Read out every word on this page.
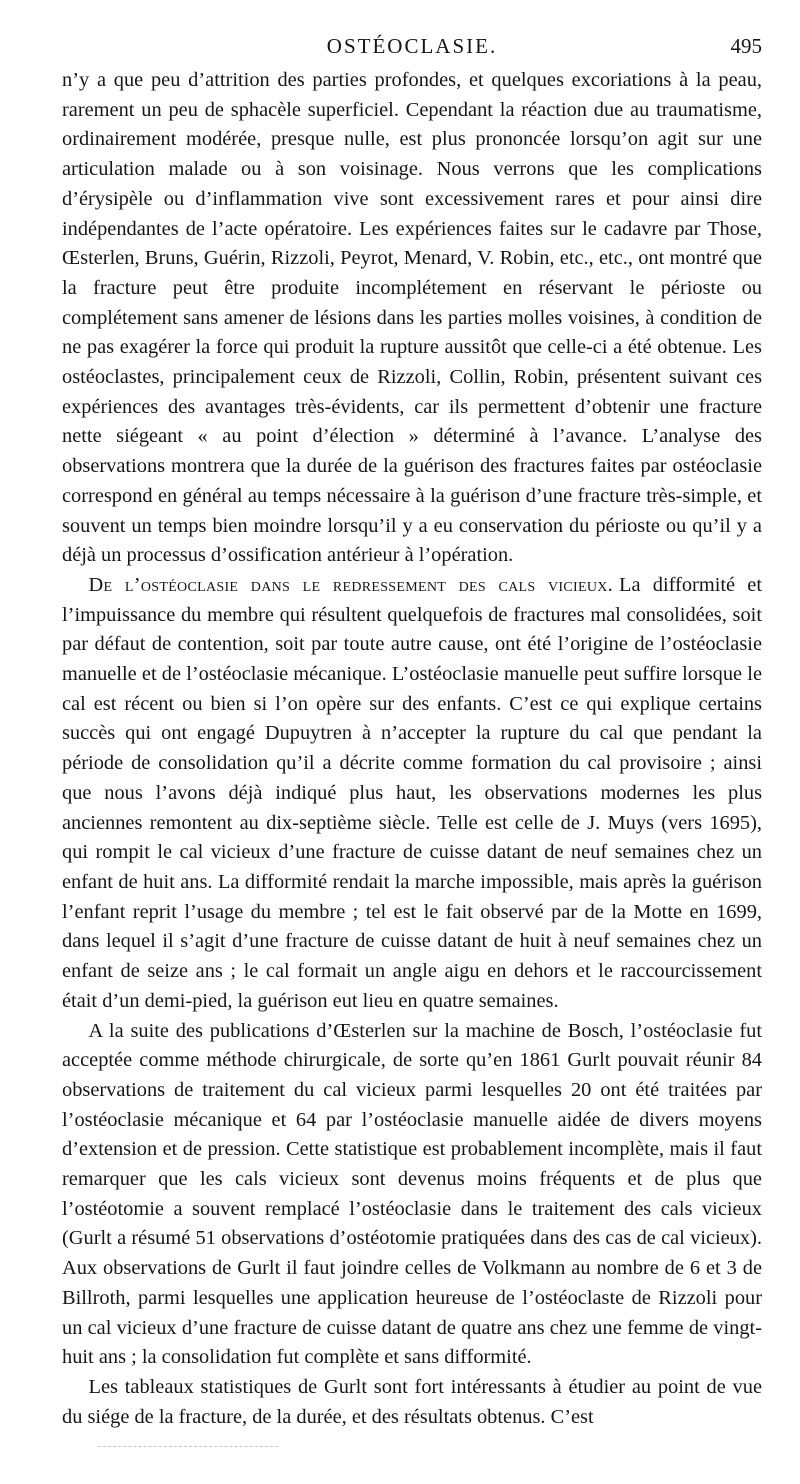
OSTÉOCLASIE.	495

n’y a que peu d’attrition des parties profondes, et quelques excoriations à la peau, rarement un peu de sphacèle superficiel. Cependant la réaction due au traumatisme, ordinairement modérée, presque nulle, est plus prononcée lorsqu’on agit sur une articulation malade ou à son voisinage. Nous verrons que les complications d’érysipèle ou d’inflammation vive sont excessivement rares et pour ainsi dire indépendantes de l’acte opératoire. Les expériences faites sur le cadavre par Those, Œsterlen, Bruns, Guérin, Rizzoli, Peyrot, Menard, V. Robin, etc., etc., ont montré que la fracture peut être produite incomplétement en réservant le périoste ou complétement sans amener de lésions dans les parties molles voisines, à condition de ne pas exagérer la force qui produit la rupture aussitôt que celle-ci a été obtenue. Les ostéoclastes, principalement ceux de Rizzoli, Collin, Robin, présentent suivant ces expériences des avantages très-évidents, car ils permettent d’obtenir une fracture nette siégeant « au point d’élection » déterminé à l’avance. L’analyse des observations montrera que la durée de la guérison des fractures faites par ostéoclasie correspond en général au temps nécessaire à la guérison d’une fracture très-simple, et souvent un temps bien moindre lorsqu’il y a eu conservation du périoste ou qu’il y a déjà un processus d’ossification antérieur à l’opération.

De l’ostéoclasie dans le redressement des cals vicieux. La difformité et l’impuissance du membre qui résultent quelquefois de fractures mal consolidées, soit par défaut de contention, soit par toute autre cause, ont été l’origine de l’ostéoclasie manuelle et de l’ostéoclasie mécanique. L’ostéoclasie manuelle peut suffire lorsque le cal est récent ou bien si l’on opère sur des enfants. C’est ce qui explique certains succès qui ont engagé Dupuytren à n’accepter la rupture du cal que pendant la période de consolidation qu’il a décrite comme formation du cal provisoire ; ainsi que nous l’avons déjà indiqué plus haut, les observations modernes les plus anciennes remontent au dix-septième siècle. Telle est celle de J. Muys (vers 1695), qui rompit le cal vicieux d’une fracture de cuisse datant de neuf semaines chez un enfant de huit ans. La difformité rendait la marche impossible, mais après la guérison l’enfant reprit l’usage du membre ; tel est le fait observé par de la Motte en 1699, dans lequel il s’agit d’une fracture de cuisse datant de huit à neuf semaines chez un enfant de seize ans ; le cal formait un angle aigu en dehors et le raccourcissement était d’un demi-pied, la guérison eut lieu en quatre semaines.

A la suite des publications d’Œsterlen sur la machine de Bosch, l’ostéoclasie fut acceptée comme méthode chirurgicale, de sorte qu’en 1861 Gurlt pouvait réunir 84 observations de traitement du cal vicieux parmi lesquelles 20 ont été traitées par l’ostéoclasie mécanique et 64 par l’ostéoclasie manuelle aidée de divers moyens d’extension et de pression. Cette statistique est probablement incomplète, mais il faut remarquer que les cals vicieux sont devenus moins fréquents et de plus que l’ostéotomie a souvent remplacé l’ostéoclasie dans le traitement des cals vicieux (Gurlt a résumé 51 observations d’ostéotomie pratiquées dans des cas de cal vicieux). Aux observations de Gurlt il faut joindre celles de Volkmann au nombre de 6 et 3 de Billroth, parmi lesquelles une application heureuse de l’ostéoclaste de Rizzoli pour un cal vicieux d’une fracture de cuisse datant de quatre ans chez une femme de vingt-huit ans ; la consolidation fut complète et sans difformité.

Les tableaux statistiques de Gurlt sont fort intéressants à étudier au point de vue du siége de la fracture, de la durée, et des résultats obtenus. C’est
